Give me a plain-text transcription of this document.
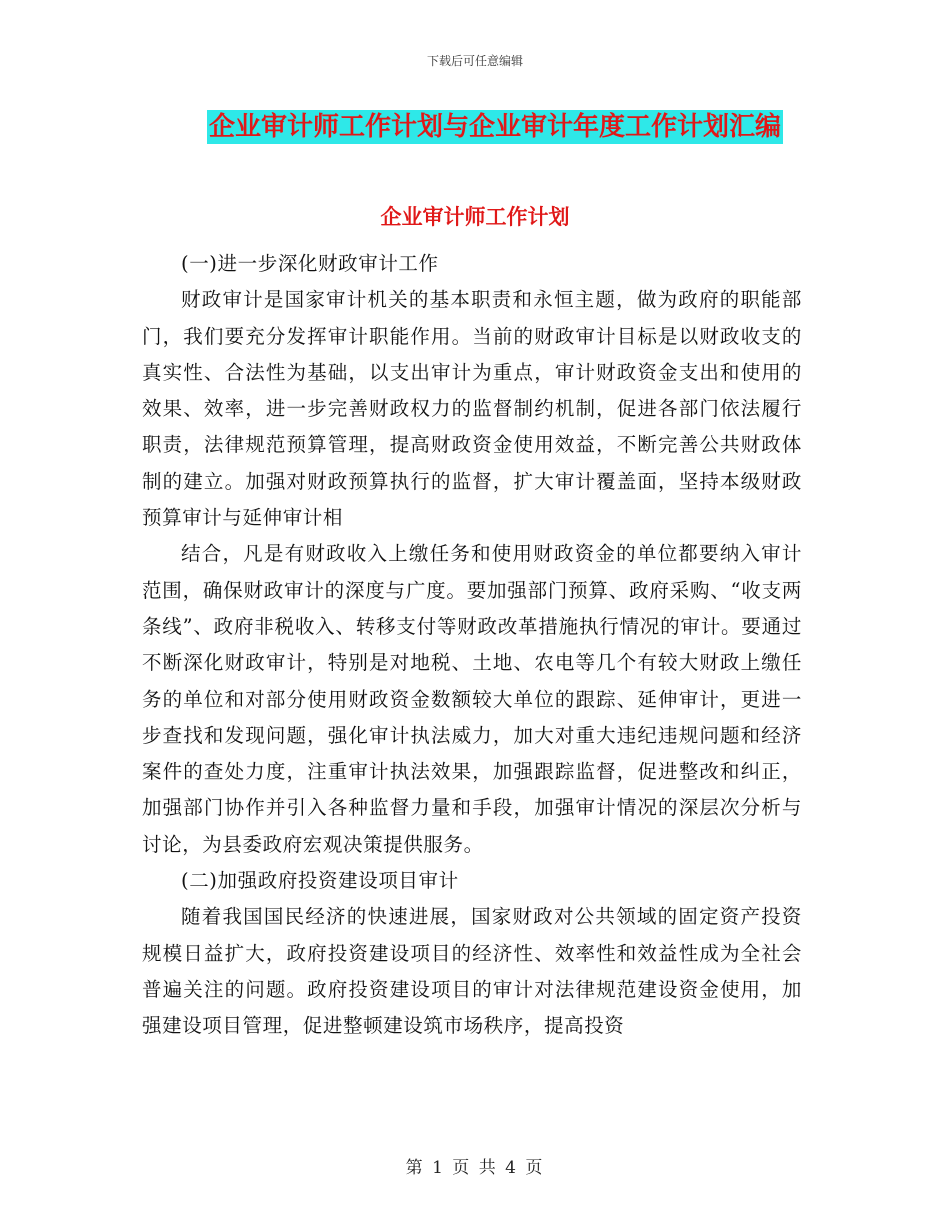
下载后可任意编辑
企业审计师工作计划与企业审计年度工作计划汇编
企业审计师工作计划

(一)进一步深化财政审计工作

财政审计是国家审计机关的基本职责和永恒主题，做为政府的职能部门，我们要充分发挥审计职能作用。当前的财政审计目标是以财政收支的真实性、合法性为基础，以支出审计为重点，审计财政资金支出和使用的效果、效率，进一步完善财政权力的监督制约机制，促进各部门依法履行职责，法律规范预算管理，提高财政资金使用效益，不断完善公共财政体制的建立。加强对财政预算执行的监督，扩大审计覆盖面，坚持本级财政预算审计与延伸审计相

结合，凡是有财政收入上缴任务和使用财政资金的单位都要纳入审计范围，确保财政审计的深度与广度。要加强部门预算、政府采购、“收支两条线”、政府非税收入、转移支付等财政改革措施执行情况的审计。要通过不断深化财政审计，特别是对地税、土地、农电等几个有较大财政上缴任务的单位和对部分使用财政资金数额较大单位的跟踪、延伸审计，更进一步查找和发现问题，强化审计执法威力，加大对重大违纪违规问题和经济案件的查处力度，注重审计执法效果，加强跟踪监督，促进整改和纠正，加强部门协作并引入各种监督力量和手段，加强审计情况的深层次分析与讨论，为县委政府宏观决策提供服务。

(二)加强政府投资建设项目审计

随着我国国民经济的快速进展，国家财政对公共领域的固定资产投资规模日益扩大，政府投资建设项目的经济性、效率性和效益性成为全社会普遍关注的问题。政府投资建设项目的审计对法律规范建设资金使用，加强建设项目管理，促进整顿建设筑市场秩序，提高投资

第 1 页 共 4 页
